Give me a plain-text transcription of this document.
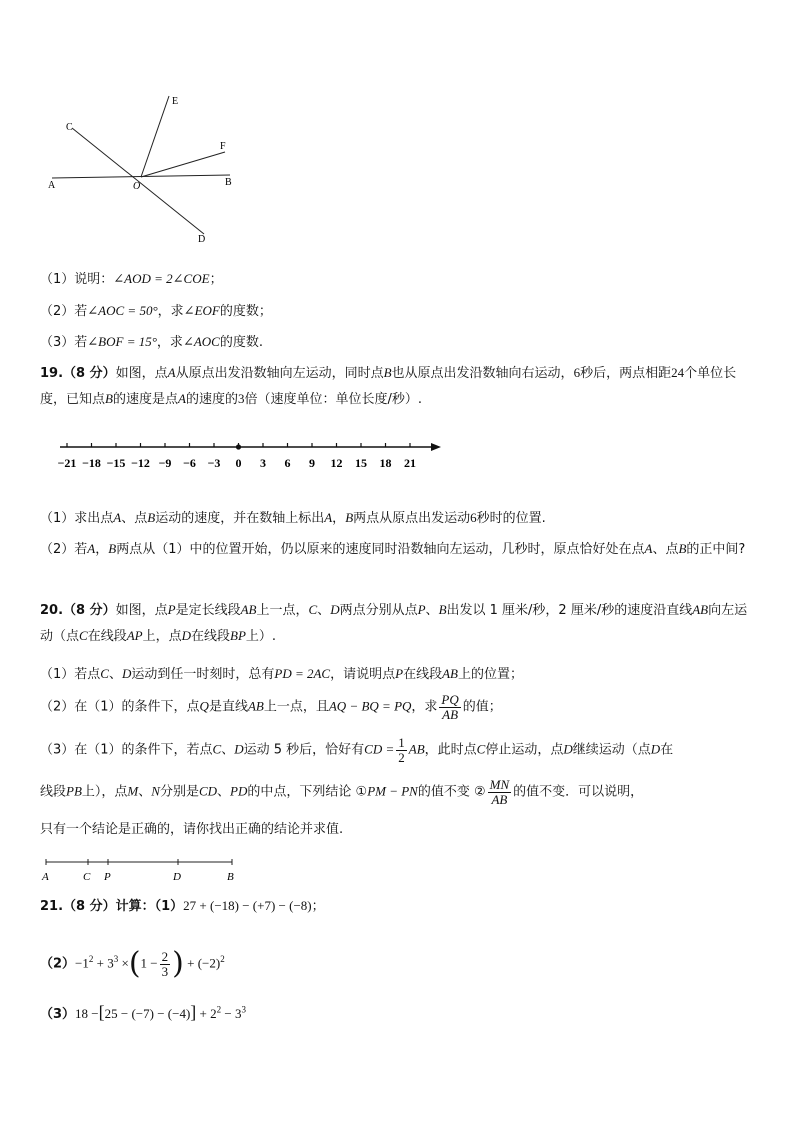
E
C
F
A	O	B
D
（1）说明：∠AOD = 2∠COE；
（2）若∠AOC = 50°，求∠EOF的度数；
（3）若∠BOF = 15°，求∠AOC的度数.
19.（8 分）如图，点A从原点出发沿数轴向左运动，同时点B也从原点出发沿数轴向右运动，6秒后，两点相距24个单位长度，已知点B的速度是点A的速度的3倍（速度单位：单位长度/秒）.
−21 −18 −15 −12 −9 −6 −3 0 3 6 9 12 15 18 21
（1）求出点A、点B运动的速度，并在数轴上标出A，B两点从原点出发运动6秒时的位置.
（2）若A，B两点从（1）中的位置开始，仍以原来的速度同时沿数轴向左运动，几秒时，原点恰好处在点A、点B的正中间?
20.（8 分）如图，点P是定长线段AB上一点，C、D两点分别从点P、B出发以 1 厘米/秒，2 厘米/秒的速度沿直线AB向左运动（点C在线段AP上，点D在线段BP上）.
（1）若点C、D运动到任一时刻时，总有PD = 2AC，请说明点P在线段AB上的位置；
（2）在（1）的条件下，点Q是直线AB上一点，且AQ − BQ = PQ，求 $\frac{PQ}{AB}$ 的值；
（3）在（1）的条件下，若点C、D运动 5 秒后，恰好有CD = $\frac{1}{2}$ AB，此时点C停止运动，点D继续运动（点D在
线段PB上），点M、N分别是CD、PD的中点，下列结论 ①PM − PN的值不变 ② $\frac{MN}{AB}$ 的值不变．可以说明，
只有一个结论是正确的，请你找出正确的结论并求值.
A	C P	D	B
21.（8 分）计算：（1）27 + (−18) − (+7) − (−8)；
$(2)-1^2 + 3^3 \times(1 - \frac{2}{3}$ ) + $(-2)^2$
$(3)18 -[25 - (-7) - (-4)] + 2^2 - 3^3$
